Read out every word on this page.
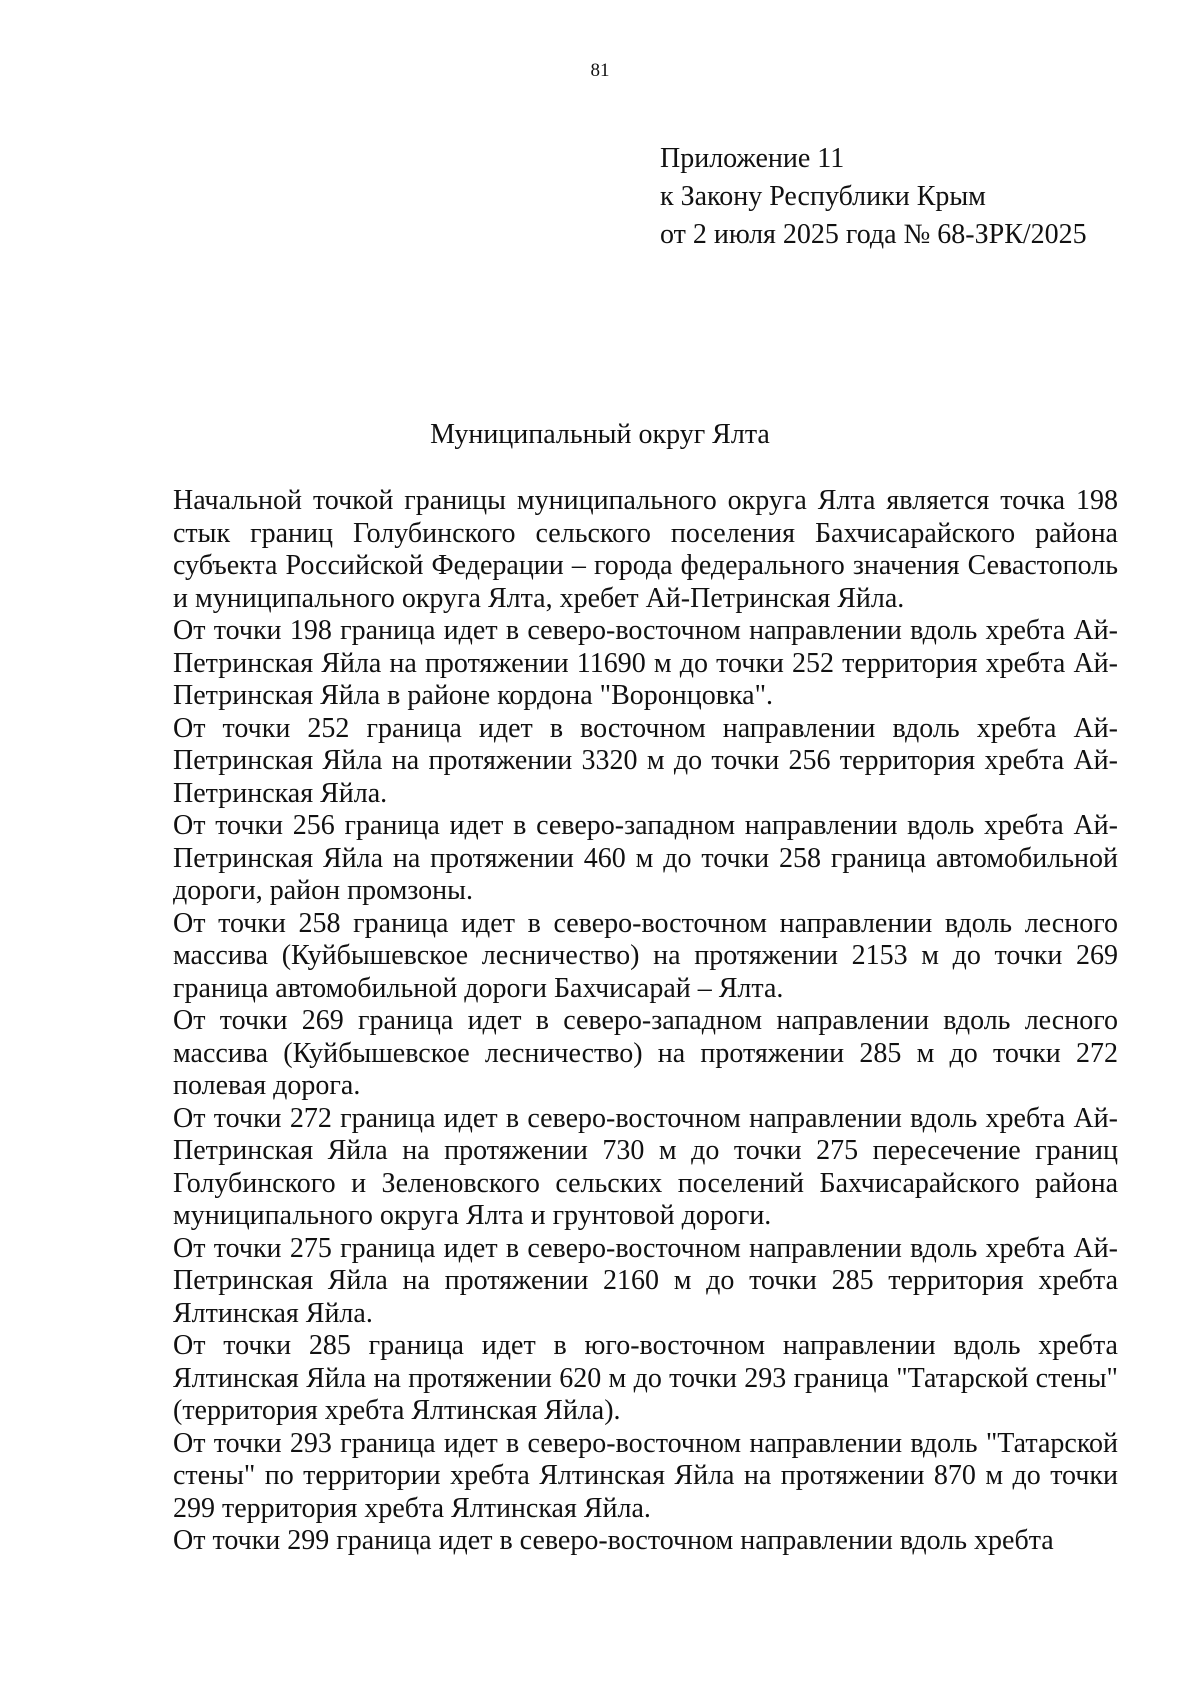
81
Приложение 11
к Закону Республики Крым
от 2 июля 2025 года № 68-ЗРК/2025
Муниципальный округ Ялта

Начальной точкой границы муниципального округа Ялта является точка 198 стык границ Голубинского сельского поселения Бахчисарайского района субъекта Российской Федерации – города федерального значения Севастополь и муниципального округа Ялта, хребет Ай-Петринская Яйла.

От точки 198 граница идет в северо-восточном направлении вдоль хребта Ай-Петринская Яйла на протяжении 11690 м до точки 252 территория хребта Ай-Петринская Яйла в районе кордона "Воронцовка".

От точки 252 граница идет в восточном направлении вдоль хребта Ай-Петринская Яйла на протяжении 3320 м до точки 256 территория хребта Ай-Петринская Яйла.

От точки 256 граница идет в северо-западном направлении вдоль хребта Ай-Петринская Яйла на протяжении 460 м до точки 258 граница автомобильной дороги, район промзоны.

От точки 258 граница идет в северо-восточном направлении вдоль лесного массива (Куйбышевское лесничество) на протяжении 2153 м до точки 269 граница автомобильной дороги Бахчисарай – Ялта.

От точки 269 граница идет в северо-западном направлении вдоль лесного массива (Куйбышевское лесничество) на протяжении 285 м до точки 272 полевая дорога.

От точки 272 граница идет в северо-восточном направлении вдоль хребта Ай-Петринская Яйла на протяжении 730 м до точки 275 пересечение границ Голубинского и Зеленовского сельских поселений Бахчисарайского района муниципального округа Ялта и грунтовой дороги.

От точки 275 граница идет в северо-восточном направлении вдоль хребта Ай-Петринская Яйла на протяжении 2160 м до точки 285 территория хребта Ялтинская Яйла.

От точки 285 граница идет в юго-восточном направлении вдоль хребта Ялтинская Яйла на протяжении 620 м до точки 293 граница "Татарской стены" (территория хребта Ялтинская Яйла).

От точки 293 граница идет в северо-восточном направлении вдоль "Татарской стены" по территории хребта Ялтинская Яйла на протяжении 870 м до точки 299 территория хребта Ялтинская Яйла.

От точки 299 граница идет в северо-восточном направлении вдоль хребта
